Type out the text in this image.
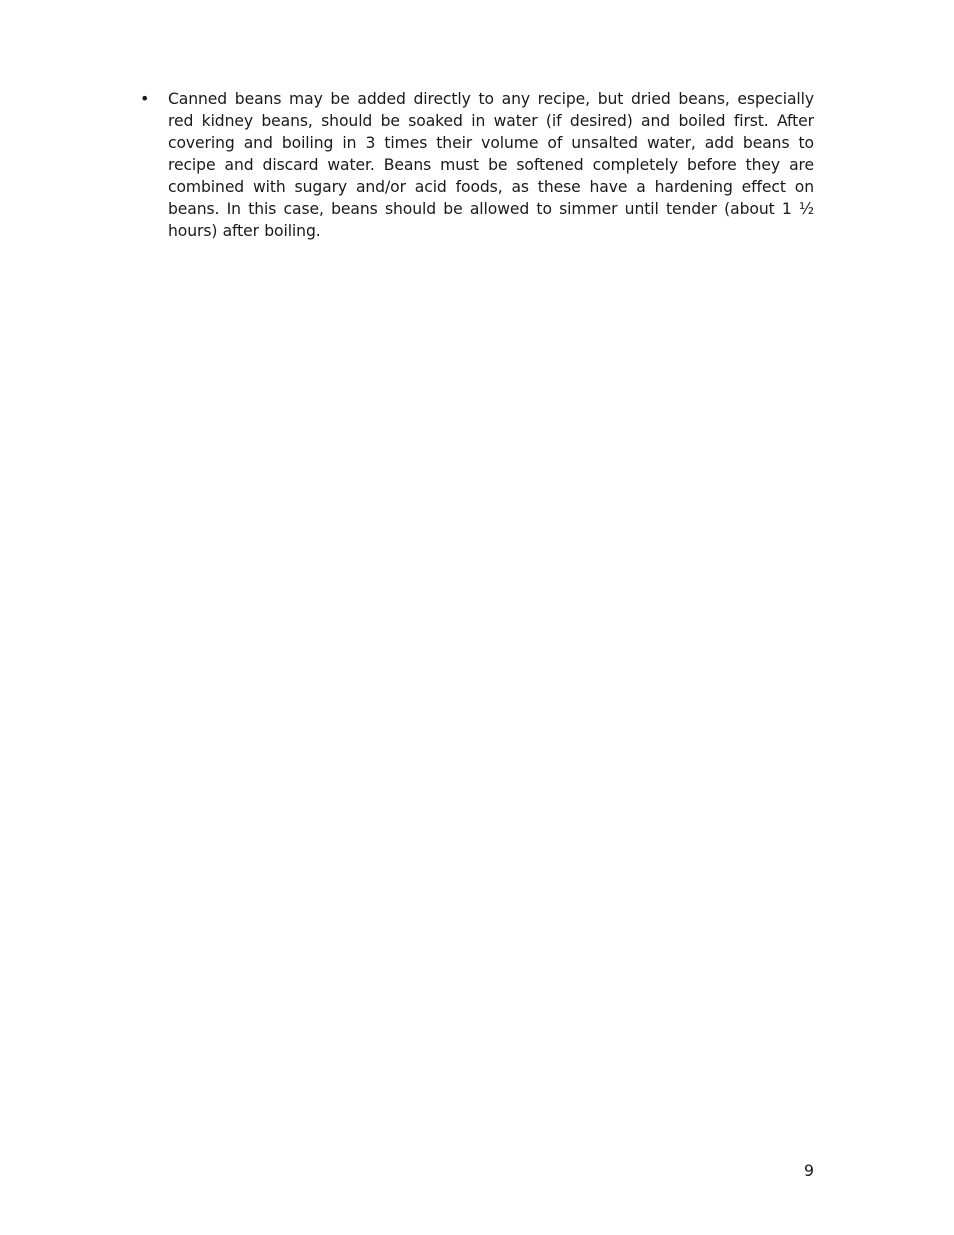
• Canned beans may be added directly to any recipe, but dried beans, especially red kidney beans, should be soaked in water (if desired) and boiled first. After covering and boiling in 3 times their volume of unsalted water, add beans to recipe and discard water. Beans must be softened completely before they are combined with sugary and/or acid foods, as these have a hardening effect on beans. In this case, beans should be allowed to simmer until tender (about 1 ½ hours) after boiling.
9
